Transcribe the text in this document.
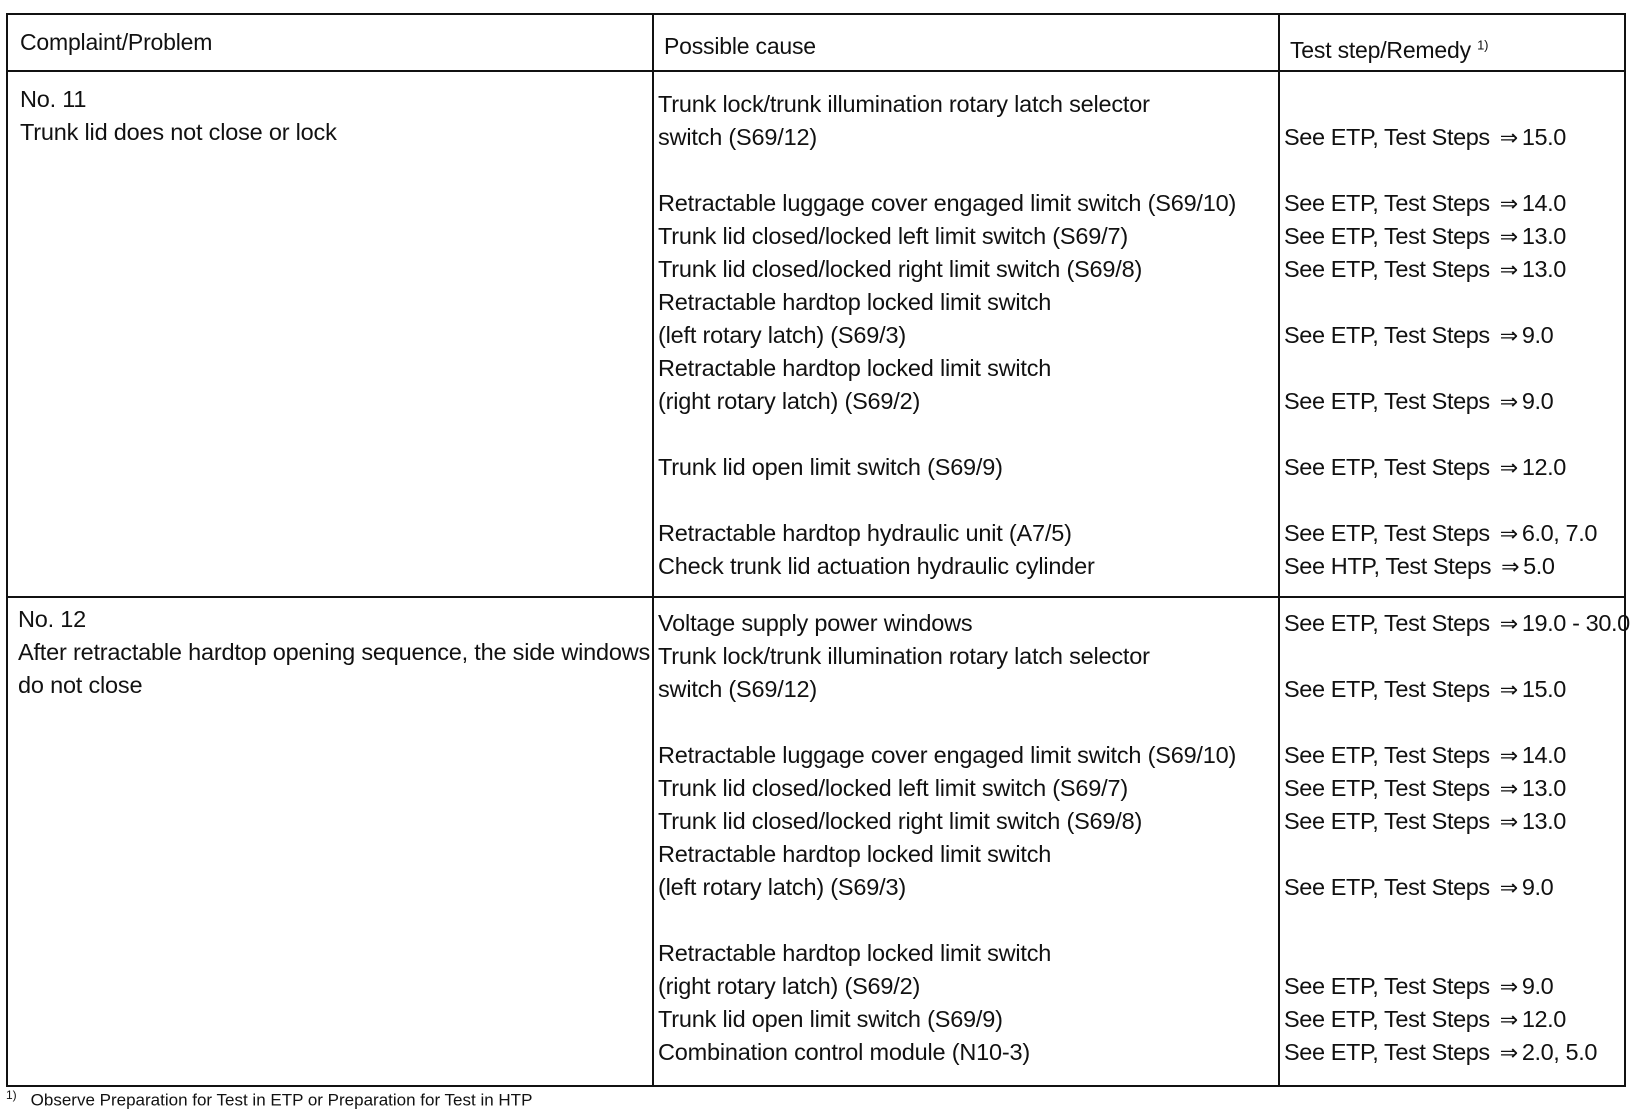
Complaint/Problem	Possible cause	Test step/Remedy $^{1)}$
No. 11
Trunk lid does not close or lock
No. 12
After retractable hardtop opening sequence, the side windows
do not close
Trunk lock/trunk illumination rotary latch selector
switch (S69/12)
Retractable luggage cover engaged limit switch (S69/10)
Trunk lid closed/locked left limit switch (S69/7)
Trunk lid closed/locked right limit switch (S69/8)
Retractable hardtop locked limit switch
(left rotary latch) (S69/3)
Retractable hardtop locked limit switch
(right rotary latch) (S69/2)
Trunk lid open limit switch (S69/9)
Retractable hardtop hydraulic unit (A7/5)
Check trunk lid actuation hydraulic cylinder
See ETP, Test Steps ⇒ 15.0
See ETP, Test Steps ⇒ 14.0
See ETP, Test Steps ⇒ 13.0
See ETP, Test Steps ⇒ 13.0
See ETP, Test Steps ⇒ 9.0
See ETP, Test Steps ⇒ 9.0
See ETP, Test Steps ⇒ 12.0
See ETP, Test Steps ⇒ 6.0, 7.0
See HTP, Test Steps ⇒ 5.0
Voltage supply power windows
Trunk lock/trunk illumination rotary latch selector
switch (S69/12)
Retractable luggage cover engaged limit switch (S69/10)
Trunk lid closed/locked left limit switch (S69/7)
Trunk lid closed/locked right limit switch (S69/8)
Retractable hardtop locked limit switch
(left rotary latch) (S69/3)
Retractable hardtop locked limit switch
(right rotary latch) (S69/2)
Trunk lid open limit switch (S69/9)
Combination control module (N10-3)
See ETP, Test Steps ⇒ 19.0 - 30.0
See ETP, Test Steps ⇒ 15.0
See ETP, Test Steps ⇒ 14.0
See ETP, Test Steps ⇒ 13.0
See ETP, Test Steps ⇒ 13.0
See ETP, Test Steps ⇒ 9.0
See ETP, Test Steps ⇒ 9.0
See ETP, Test Steps ⇒ 12.0
See ETP, Test Steps ⇒ 2.0, 5.0
$^{1)}$ Observe Preparation for Test in ETP or Preparation for Test in HTP
